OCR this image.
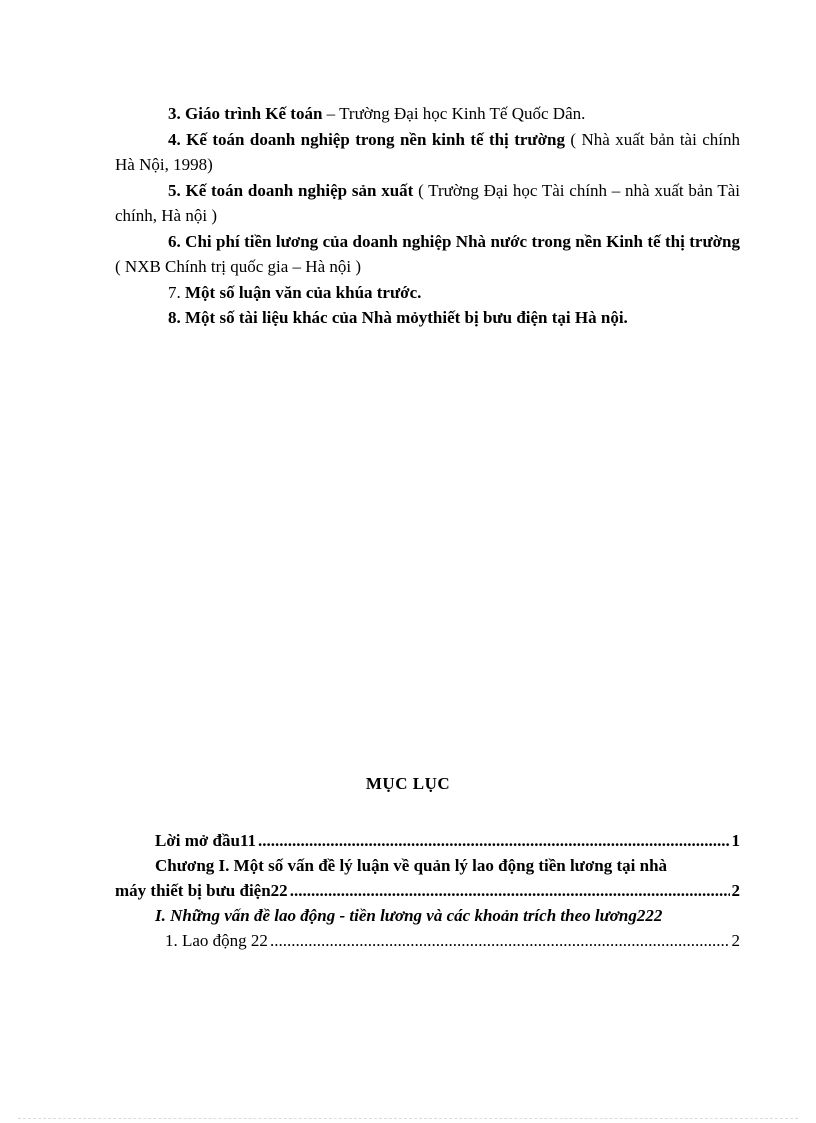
3. Giáo trình Kế toán – Trường Đại học Kinh Tế Quốc Dân.

4. Kế toán doanh nghiệp trong nền kinh tế thị trường ( Nhà xuất bản tài chính Hà Nội, 1998)

5. Kế toán doanh nghiệp sản xuất ( Trường Đại học Tài chính – nhà xuất bản Tài chính, Hà nội )

6. Chi phí tiền lương của doanh nghiệp Nhà nước trong nền Kinh tế thị trường ( NXB Chính trị quốc gia – Hà nội )

7. Một số luận văn của khúa trước.

8. Một số tài liệu khác của Nhà mỏythiết bị bưu điện tại Hà nội.

MỤC LỤC
Lời mở đầu11 .....	1
Chương I. Một số vấn đề lý luận về quản lý lao động tiền lương tại nhà
máy thiết bị bưu điện22 .....	2
I. Những vấn đề lao động - tiền lương và các khoản trích theo lương222
1. Lao động 22 .....	2
